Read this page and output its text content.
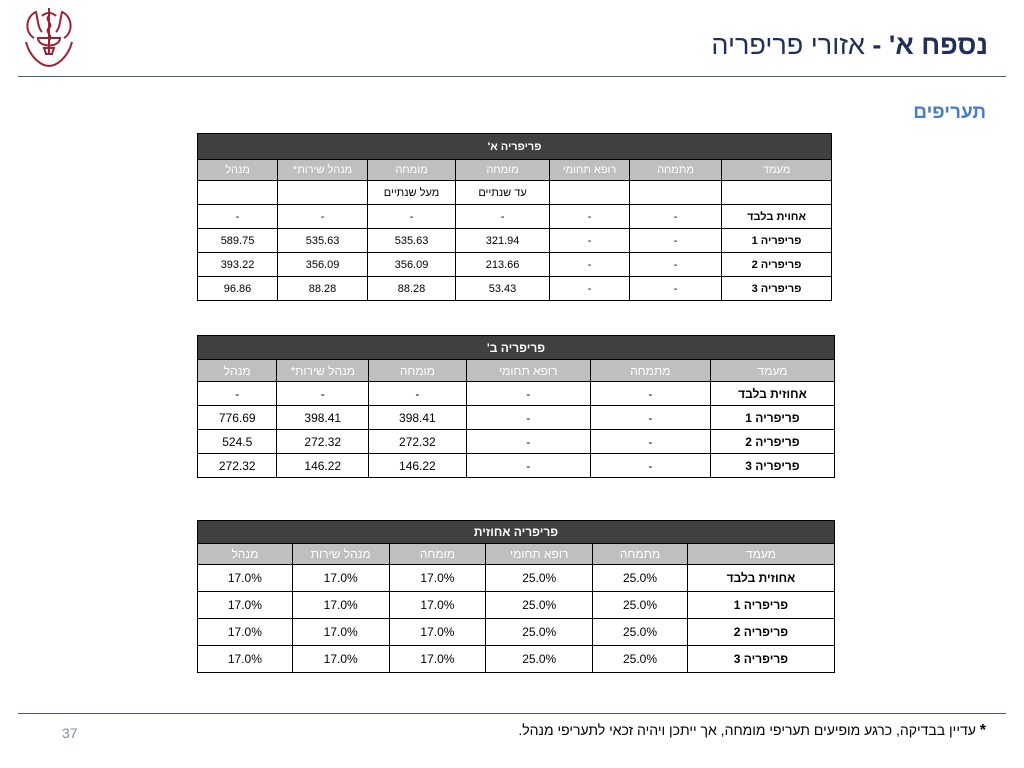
נספח א' - אזורי פריפריה
תעריפים
פריפריה א'						
מעמד	מתמחה	רופא תחומי	מומחה	מומחה	מנהל שירות*	מנהל
			עד שנתיים	מעל שנתיים		
אחוית בלבד	-	-	-	-	-	-
פריפריה 1	-	-	321.94	535.63	535.63	589.75
פריפריה 2	-	-	213.66	356.09	356.09	393.22
פריפריה 3	-	-	53.43	88.28	88.28	96.86
פריפריה ב'					
מעמד	מתמחה	רופא תחומי	מומחה	מנהל שירות*	מנהל
אחוזית בלבד	-	-	-	-	-
פריפריה 1	-	-	398.41	398.41	776.69
פריפריה 2	-	-	272.32	272.32	524.5
פריפריה 3	-	-	146.22	146.22	272.32
פריפריה אחוזית					
מעמד	מתמחה	רופא תחומי	מומחה	מנהל שירות	מנהל
אחוזית בלבד	25.0%	25.0%	17.0%	17.0%	17.0%
פריפריה 1	25.0%	25.0%	17.0%	17.0%	17.0%
פריפריה 2	25.0%	25.0%	17.0%	17.0%	17.0%
פריפריה 3	25.0%	25.0%	17.0%	17.0%	17.0%
37	* עדיין בבדיקה, כרגע מופיעים תעריפי מומחה, אך ייתכן ויהיה זכאי לתעריפי מנהל.
